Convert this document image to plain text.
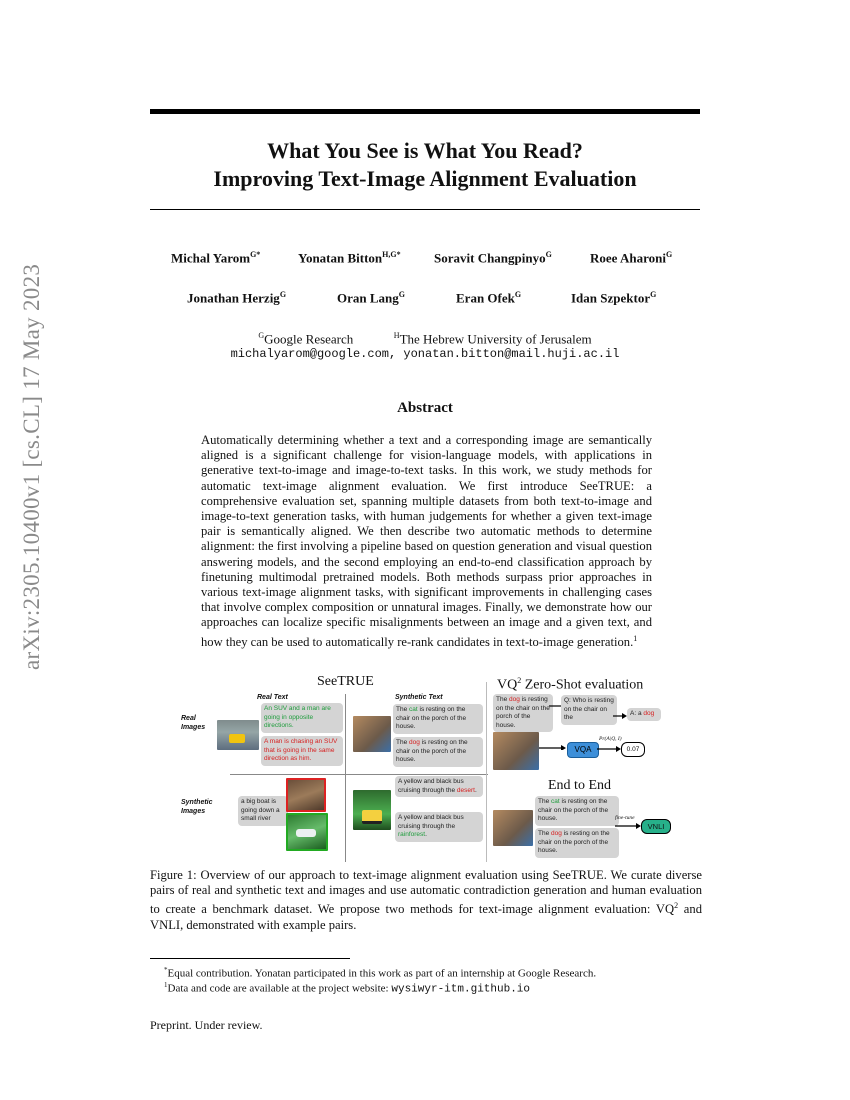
arXiv:2305.10400v1 [cs.CL] 17 May 2023
What You See is What You Read?
Improving Text-Image Alignment Evaluation
Michal Yarom$^{G*}$	Yonatan Bitton$^{H,G*}$	Soravit Changpinyo$^G$	Roee Aharoni$^G$
Jonathan Herzig$^G$	Oran Lang$^G$	Eran Ofek$^G$	Idan Szpektor$^G$
$^G$Google Research	$^H$The Hebrew University of Jerusalem
michalyarom@google.com, yonatan.bitton@mail.huji.ac.il
Abstract
Automatically determining whether a text and a corresponding image are semantically aligned is a significant challenge for vision-language models, with applications in generative text-to-image and image-to-text tasks. In this work, we study methods for automatic text-image alignment evaluation. We first introduce SeeTRUE: a comprehensive evaluation set, spanning multiple datasets from both text-to-image and image-to-text generation tasks, with human judgements for whether a given text-image pair is semantically aligned. We then describe two automatic methods to determine alignment: the first involving a pipeline based on question generation and visual question answering models, and the second employing an end-to-end classification approach by finetuning multimodal pretrained models. Both methods surpass prior approaches in various text-image alignment tasks, with significant improvements in challenging cases that involve complex composition or unnatural images. Finally, we demonstrate how our approaches can localize specific misalignments between an image and a given text, and how they can be used to automatically re-rank candidates in text-to-image generation.$^1$
SeeTRUE	$VQ^2$ Zero-Shot evaluation
Real Text	Synthetic Text
Real
Images
Synthetic
Images
An SUV and a man are going in opposite directions.
A man is chasing an SUV that is going in the same direction as him.
The cat is resting on the chair on the porch of the house.
The dog is resting on the chair on the porch of the house.
a big boat is going down a small river
A yellow and black bus cruising through the desert.
A yellow and black bus cruising through the rainforest.
The dog is resting on the chair on the porch of the house.
Q: Who is resting on the chair on the
A: a dog
VQA
Pr(A|Q, I)
0.07
End to End
The cat is resting on the chair on the porch of the house.
The dog is resting on the chair on the porch of the house.
fine-tune
VNLI
Figure 1: Overview of our approach to text-image alignment evaluation using SeeTRUE. We curate diverse pairs of real and synthetic text and images and use automatic contradiction generation and human evaluation to create a benchmark dataset. We propose two methods for text-image alignment evaluation: $VQ^2$ and VNLI, demonstrated with example pairs.
*Equal contribution. Yonatan participated in this work as part of an internship at Google Research.
$^1$Data and code are available at the project website: wysiwyr-itm.github.io
Preprint. Under review.
